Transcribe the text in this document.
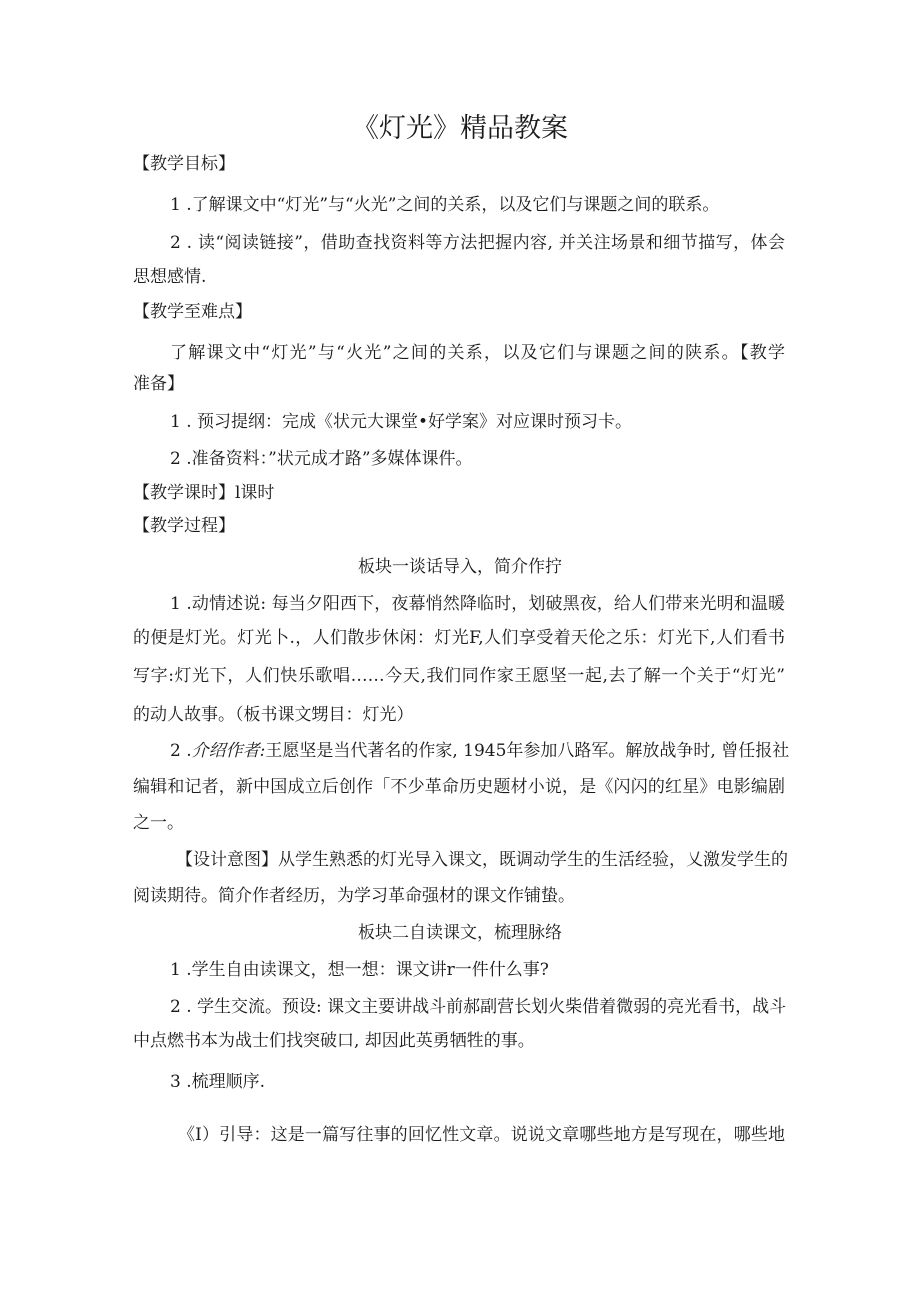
《灯光》精品教案

【教学目标】

1 .了解课文中“灯光”与“火光”之间的关系，以及它们与课题之间的联系。

2 . 读“阅读链接”，借助查找资料等方法把握内容, 并关注场景和细节描写，体会

思想感情.

【教学至难点】

了解课文中“灯光”与“火光”之间的关系，以及它们与课题之间的陕系。【教学

准备】

1 . 预习提纲：完成《状元大课堂•好学案》对应课时预习卡。

2 .准备资料：”状元成才路”多媒体课件。

【教学课时】l课时

【教学过程】

板块一谈话导入，简介作拧

1 .动情述说: 每当夕阳西下，夜幕悄然降临时，划破黑夜，给人们带来光明和温暖

的便是灯光。灯光卜.，人们散步休闲：灯光F,人们享受着天伦之乐：灯光下,人们看书

写字:灯光下，人们快乐歌唱……今天,我们同作家王愿坚一起,去了解一个关于“灯光”

的动人故事。（板书课文甥目：灯光）

2 .介绍作者:王愿坚是当代著名的作家, 1945年参加八路军。解放战争时, 曾任报社

编辑和记者，新中国成立后创作「不少革命历史题材小说，是《闪闪的红星》电影编剧

之一。

【设计意图】从学生熟悉的灯光导入课文，既调动学生的生活经验，乂激发学生的

阅读期待。简介作者经历，为学习革命强材的课文作铺蛰。

板块二自读课文，梳理脉络

1 .学生自由读课文，想一想：课文讲r一件什么事?

2 . 学生交流。预设: 课文主要讲战斗前郝副营长划火柴借着微弱的亮光看书，战斗

中点燃书本为战士们找突破口, 却因此英勇牺牲的事。

3 .梳理顺序.

《I）引导：这是一篇写往事的回忆性文章。说说文章哪些地方是写现在，哪些地
